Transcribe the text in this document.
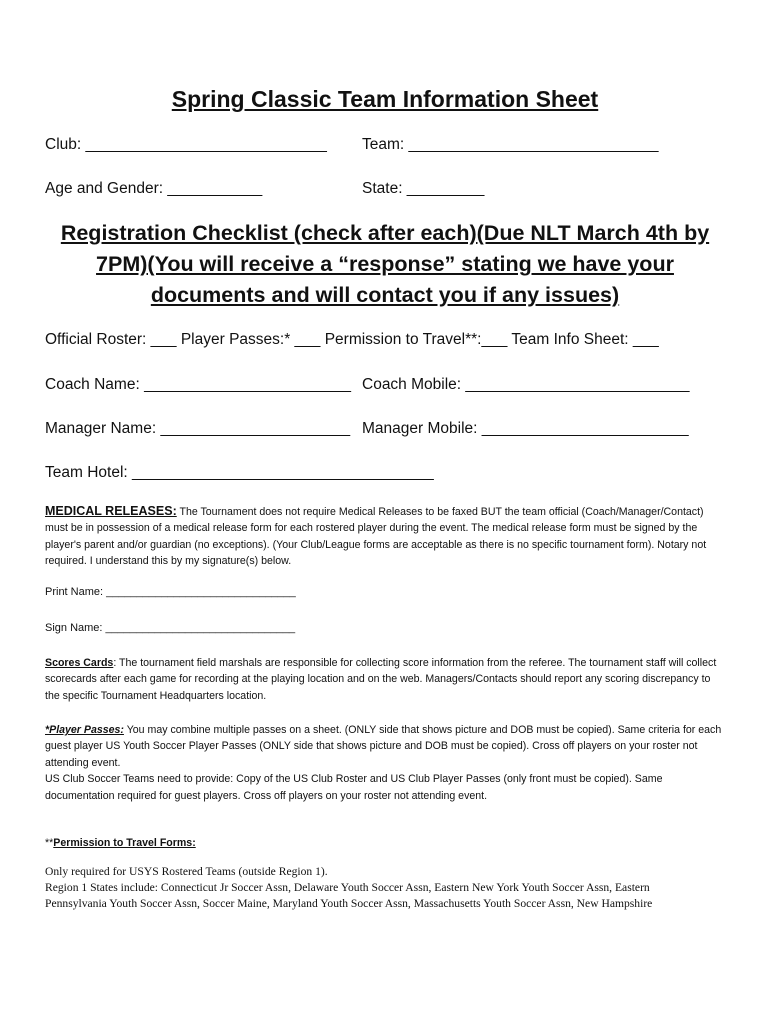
Spring Classic Team Information Sheet
Club: ____________________________ Team: _____________________________
Age and Gender: ___________	State: _________
Registration Checklist (check after each)(Due NLT March 4th by 7PM)(You will receive a “response” stating we have your documents and will contact you if any issues)
Official Roster: ___ Player Passes:* ___ Permission to Travel**:___ Team Info Sheet: ___
Coach Name: ________________________ Coach Mobile: __________________________
Manager Name: ______________________ Manager Mobile: ________________________
Team Hotel: ___________________________________
MEDICAL RELEASES: The Tournament does not require Medical Releases to be faxed BUT the team official (Coach/Manager/Contact) must be in possession of a medical release form for each rostered player during the event. The medical release form must be signed by the player's parent and/or guardian (no exceptions). (Your Club/League forms are acceptable as there is no specific tournament form). Notary not required. I understand this by my signature(s) below.
Print Name: _______________________________
Sign Name: _______________________________
Scores Cards: The tournament field marshals are responsible for collecting score information from the referee. The tournament staff will collect scorecards after each game for recording at the playing location and on the web. Managers/Contacts should report any scoring discrepancy to the specific Tournament Headquarters location.
*Player Passes: You may combine multiple passes on a sheet. (ONLY side that shows picture and DOB must be copied). Same criteria for each guest player US Youth Soccer Player Passes (ONLY side that shows picture and DOB must be copied). Cross off players on your roster not attending event.
US Club Soccer Teams need to provide: Copy of the US Club Roster and US Club Player Passes (only front must be copied). Same documentation required for guest players. Cross off players on your roster not attending event.
**Permission to Travel Forms:
Only required for USYS Rostered Teams (outside Region 1).
Region 1 States include: Connecticut Jr Soccer Assn, Delaware Youth Soccer Assn, Eastern New York Youth Soccer Assn, Eastern
Pennsylvania Youth Soccer Assn, Soccer Maine, Maryland Youth Soccer Assn, Massachusetts Youth Soccer Assn, New Hampshire
